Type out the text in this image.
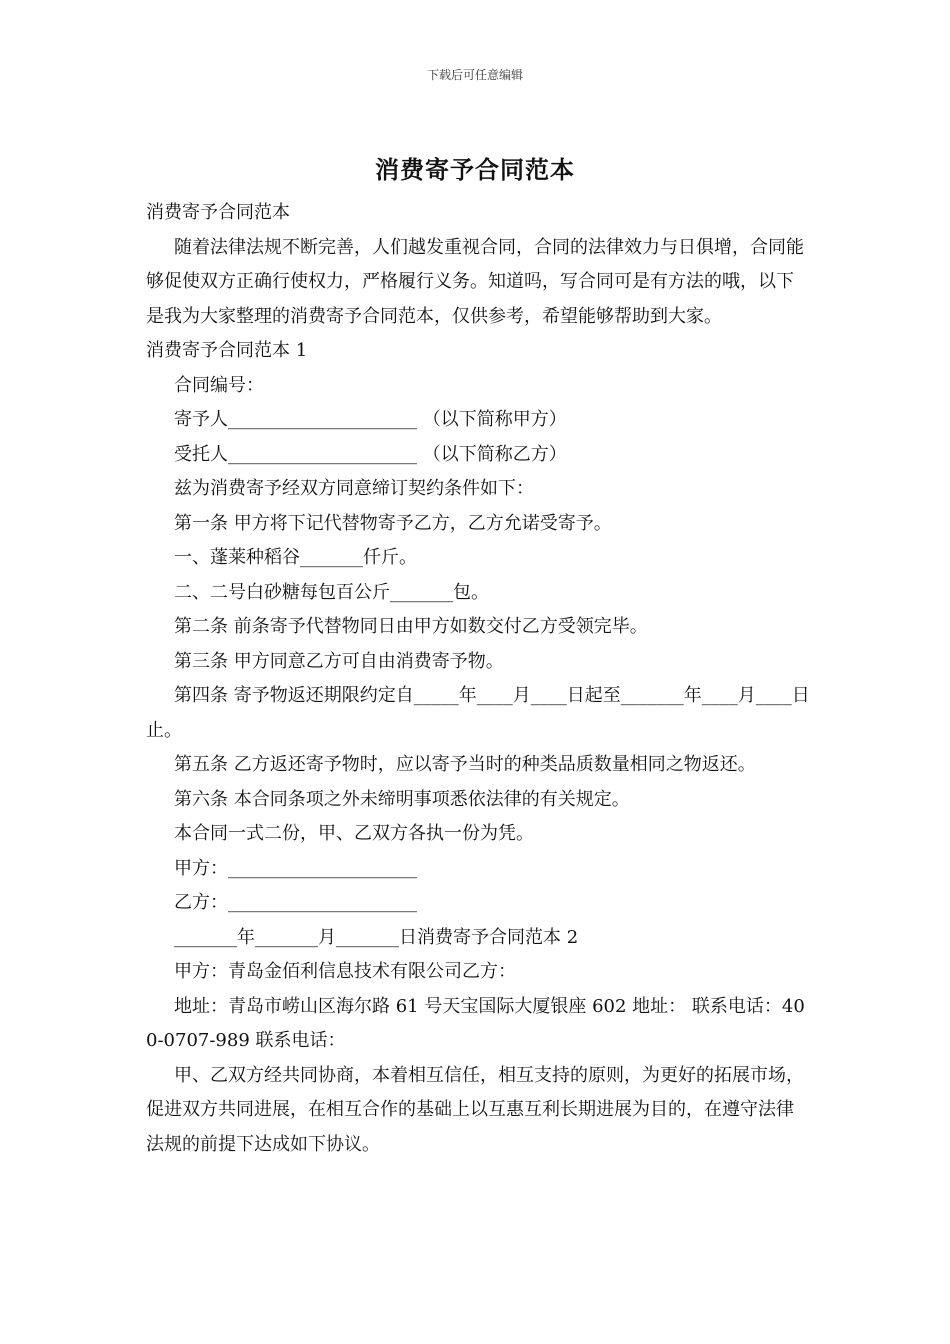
下载后可任意编辑
消费寄予合同范本

消费寄予合同范本

随着法律法规不断完善，人们越发重视合同，合同的法律效力与日俱增，合同能够促使双方正确行使权力，严格履行义务。知道吗，写合同可是有方法的哦，以下是我为大家整理的消费寄予合同范本，仅供参考，希望能够帮助到大家。

消费寄予合同范本 1

合同编号：

寄予人_____________________ （以下简称甲方）

受托人_____________________ （以下简称乙方）

兹为消费寄予经双方同意缔订契约条件如下：

第一条 甲方将下记代替物寄予乙方，乙方允诺受寄予。

一、蓬莱种稻谷_______仟斤。

二、二号白砂糖每包百公斤_______包。

第二条 前条寄予代替物同日由甲方如数交付乙方受领完毕。

第三条 甲方同意乙方可自由消费寄予物。

第四条 寄予物返还期限约定自_____年____月____日起至_______年____月____日止。

第五条 乙方返还寄予物时，应以寄予当时的种类品质数量相同之物返还。

第六条 本合同条项之外未缔明事项悉依法律的有关规定。

本合同一式二份，甲、乙双方各执一份为凭。

甲方：_____________________

乙方：_____________________

_______年_______月_______日消费寄予合同范本 2

甲方：青岛金佰利信息技术有限公司乙方：

地址：青岛市崂山区海尔路 61 号天宝国际大厦银座 602 地址： 联系电话：400-0707-989 联系电话：

甲、乙双方经共同协商，本着相互信任，相互支持的原则，为更好的拓展市场，促进双方共同进展，在相互合作的基础上以互惠互利长期进展为目的，在遵守法律法规的前提下达成如下协议。
